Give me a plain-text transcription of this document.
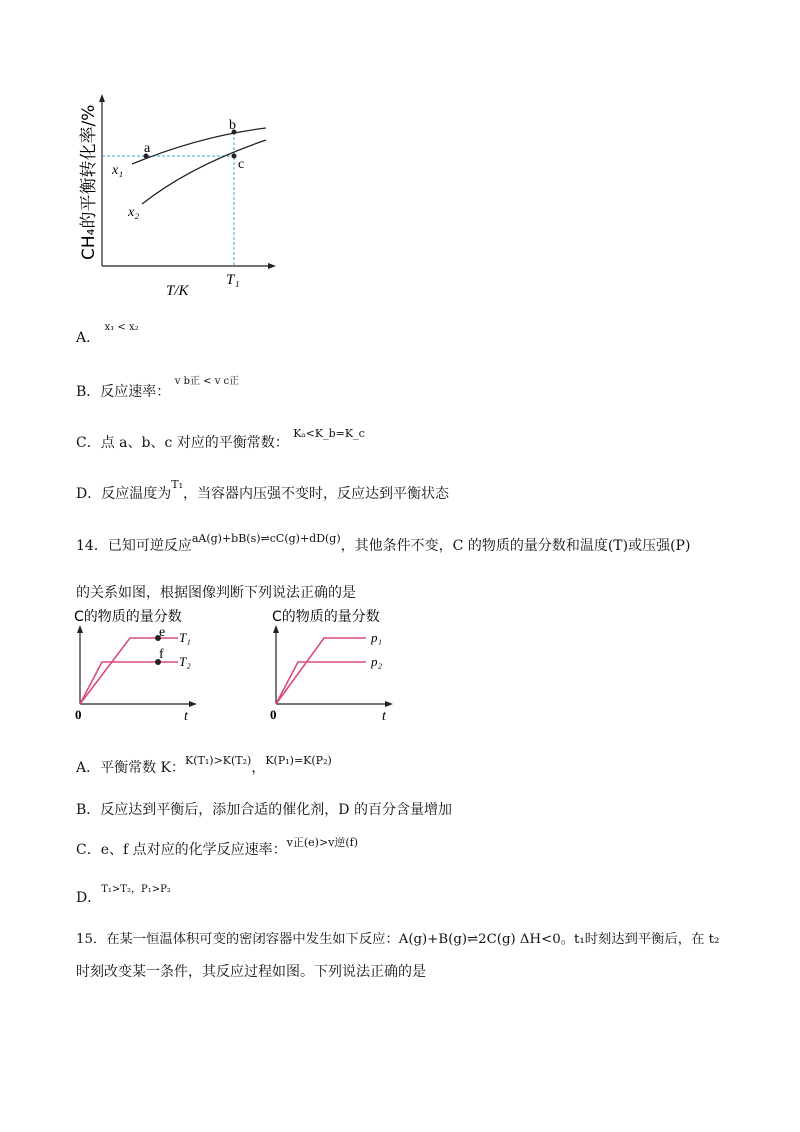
CH₄的平衡转化率/%	a
b
c
x₁
x₂
T₁
T/K
A． $^{x_1 < x_2}$
B．反应速率： $^{v b正 < v c正}$
C．点 a、b、c 对应的平衡常数： $^{K_a<K\_b=K\_c}$
D．反应温度为$^{T_1}$，当容器内压强不变时，反应达到平衡状态
14．已知可逆反应$^{aA(g)+bB(s)\rightleftharpoons cC(g)+dD(g)}$，其他条件不变，C 的物质的量分数和温度(T)或压强(P)
的关系如图，根据图像判断下列说法正确的是
C的物质的量分数
e
f
T₁
T₂
0	t
C的物质的量分数
p₁
p₂
0	t
A．平衡常数 K：$^{K(T_1)>K(T_2)}$，$^{K(P_1)=K(P_2)}$
B．反应达到平衡后，添加合适的催化剂，D 的百分含量增加
C．e、f 点对应的化学反应速率：$^{v正(e)>v逆(f)}$
D．$^{T_1>T_2,P_1>P_2}$
15．在某一恒温体积可变的密闭容器中发生如下反应：A(g)+B(g)⇌2C(g) ΔH<0。t₁时刻达到平衡后，在 t₂
时刻改变某一条件，其反应过程如图。下列说法正确的是
